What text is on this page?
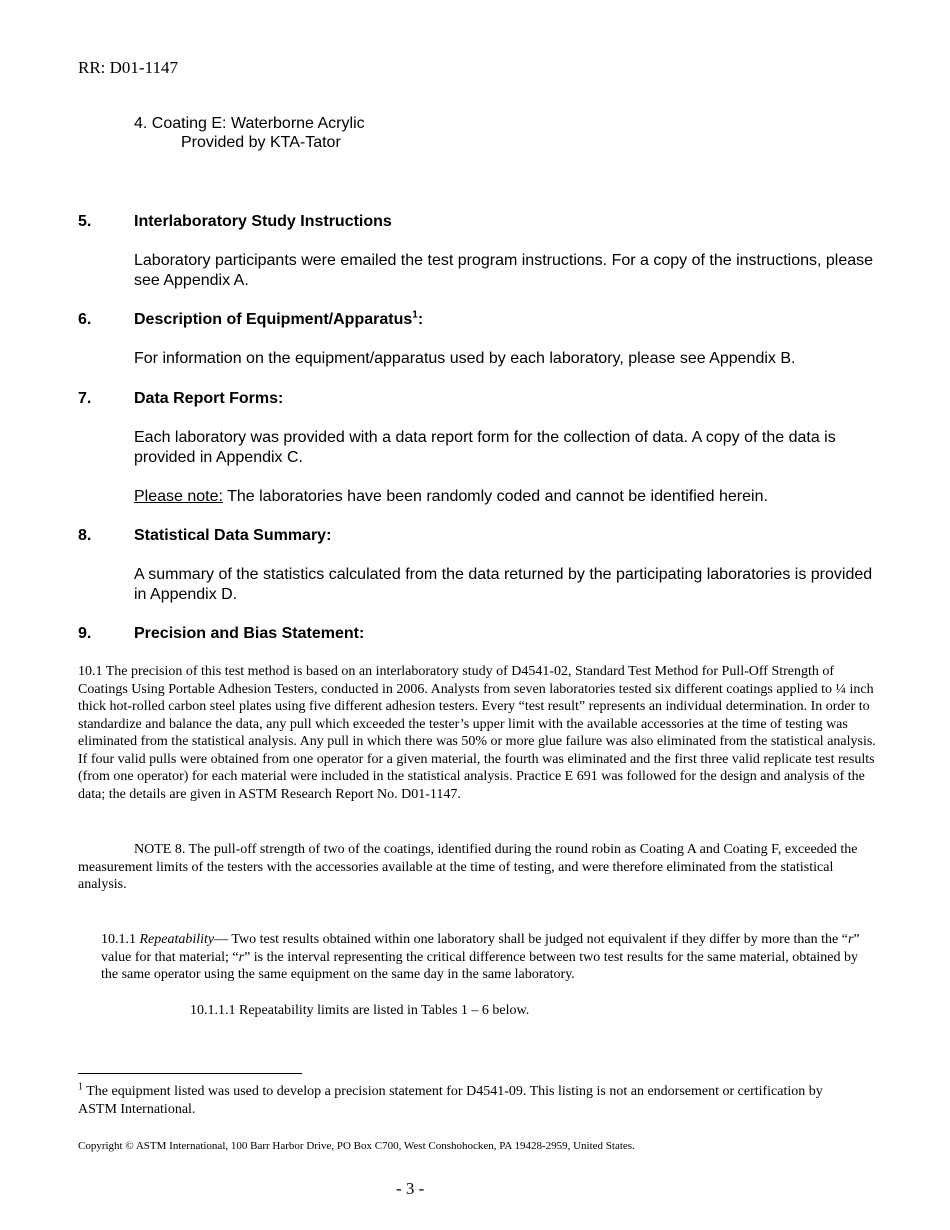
RR: D01-1147
4. Coating E: Waterborne Acrylic
Provided by KTA-Tator
5.	Interlaboratory Study Instructions
Laboratory participants were emailed the test program instructions. For a copy of the instructions, please see Appendix A.
6.	Description of Equipment/Apparatus$^1$:
For information on the equipment/apparatus used by each laboratory, please see Appendix B.
7.	Data Report Forms:
Each laboratory was provided with a data report form for the collection of data. A copy of the data is provided in Appendix C.
Please note: The laboratories have been randomly coded and cannot be identified herein.
8.	Statistical Data Summary:
A summary of the statistics calculated from the data returned by the participating laboratories is provided in Appendix D.
9.	Precision and Bias Statement:
10.1 The precision of this test method is based on an interlaboratory study of D4541-02, Standard Test Method for Pull-Off Strength of Coatings Using Portable Adhesion Testers, conducted in 2006. Analysts from seven laboratories tested six different coatings applied to ¼ inch thick hot-rolled carbon steel plates using five different adhesion testers. Every “test result” represents an individual determination. In order to standardize and balance the data, any pull which exceeded the tester’s upper limit with the available accessories at the time of testing was eliminated from the statistical analysis. Any pull in which there was 50% or more glue failure was also eliminated from the statistical analysis. If four valid pulls were obtained from one operator for a given material, the fourth was eliminated and the first three valid replicate test results (from one operator) for each material were included in the statistical analysis. Practice E 691 was followed for the design and analysis of the data; the details are given in ASTM Research Report No. D01-1147.
NOTE 8. The pull-off strength of two of the coatings, identified during the round robin as Coating A and Coating F, exceeded the measurement limits of the testers with the accessories available at the time of testing, and were therefore eliminated from the statistical analysis.
10.1.1 Repeatability— Two test results obtained within one laboratory shall be judged not equivalent if they differ by more than the “r” value for that material; “r” is the interval representing the critical difference between two test results for the same material, obtained by the same operator using the same equipment on the same day in the same laboratory.
10.1.1.1 Repeatability limits are listed in Tables 1 – 6 below.
$^1$ The equipment listed was used to develop a precision statement for D4541-09. This listing is not an endorsement or certification by ASTM International.
Copyright © ASTM International, 100 Barr Harbor Drive, PO Box C700, West Conshohocken, PA 19428-2959, United States.
- 3 -
